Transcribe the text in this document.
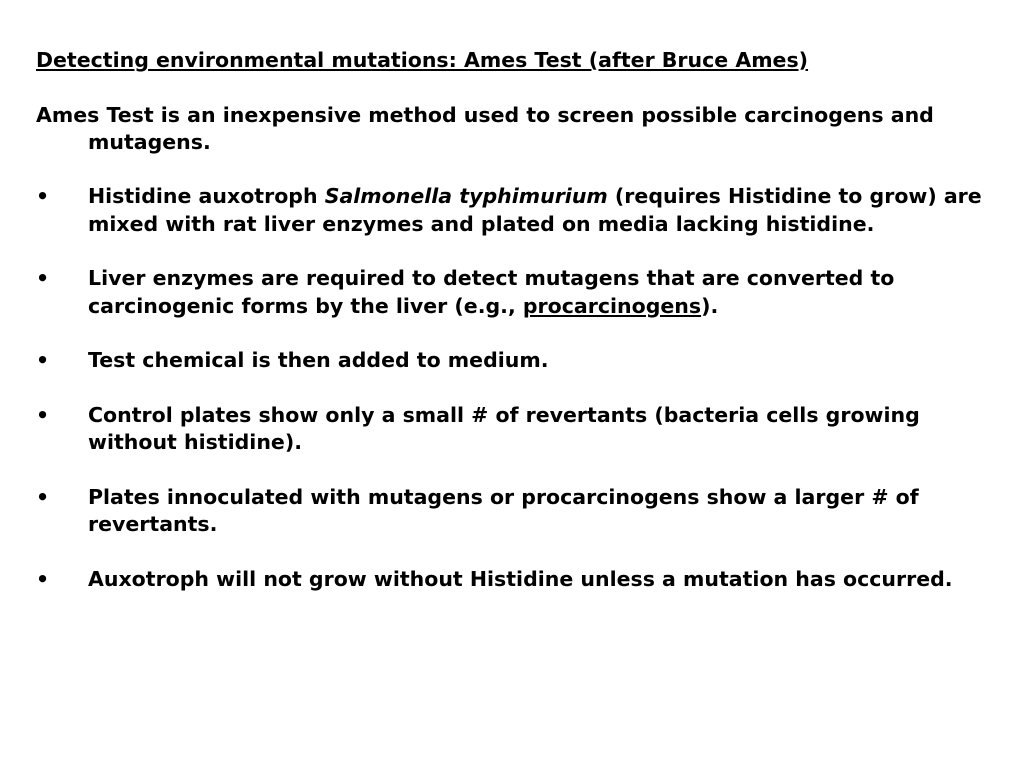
Detecting environmental mutations: Ames Test (after Bruce Ames)
Ames Test is an inexpensive method used to screen possible carcinogens and mutagens.
• Histidine auxotroph Salmonella typhimurium (requires Histidine to grow) are mixed with rat liver enzymes and plated on media lacking histidine.
• Liver enzymes are required to detect mutagens that are converted to carcinogenic forms by the liver (e.g., procarcinogens).
• Test chemical is then added to medium.
• Control plates show only a small # of revertants (bacteria cells growing without histidine).
• Plates innoculated with mutagens or procarcinogens show a larger # of revertants.
• Auxotroph will not grow without Histidine unless a mutation has occurred.
